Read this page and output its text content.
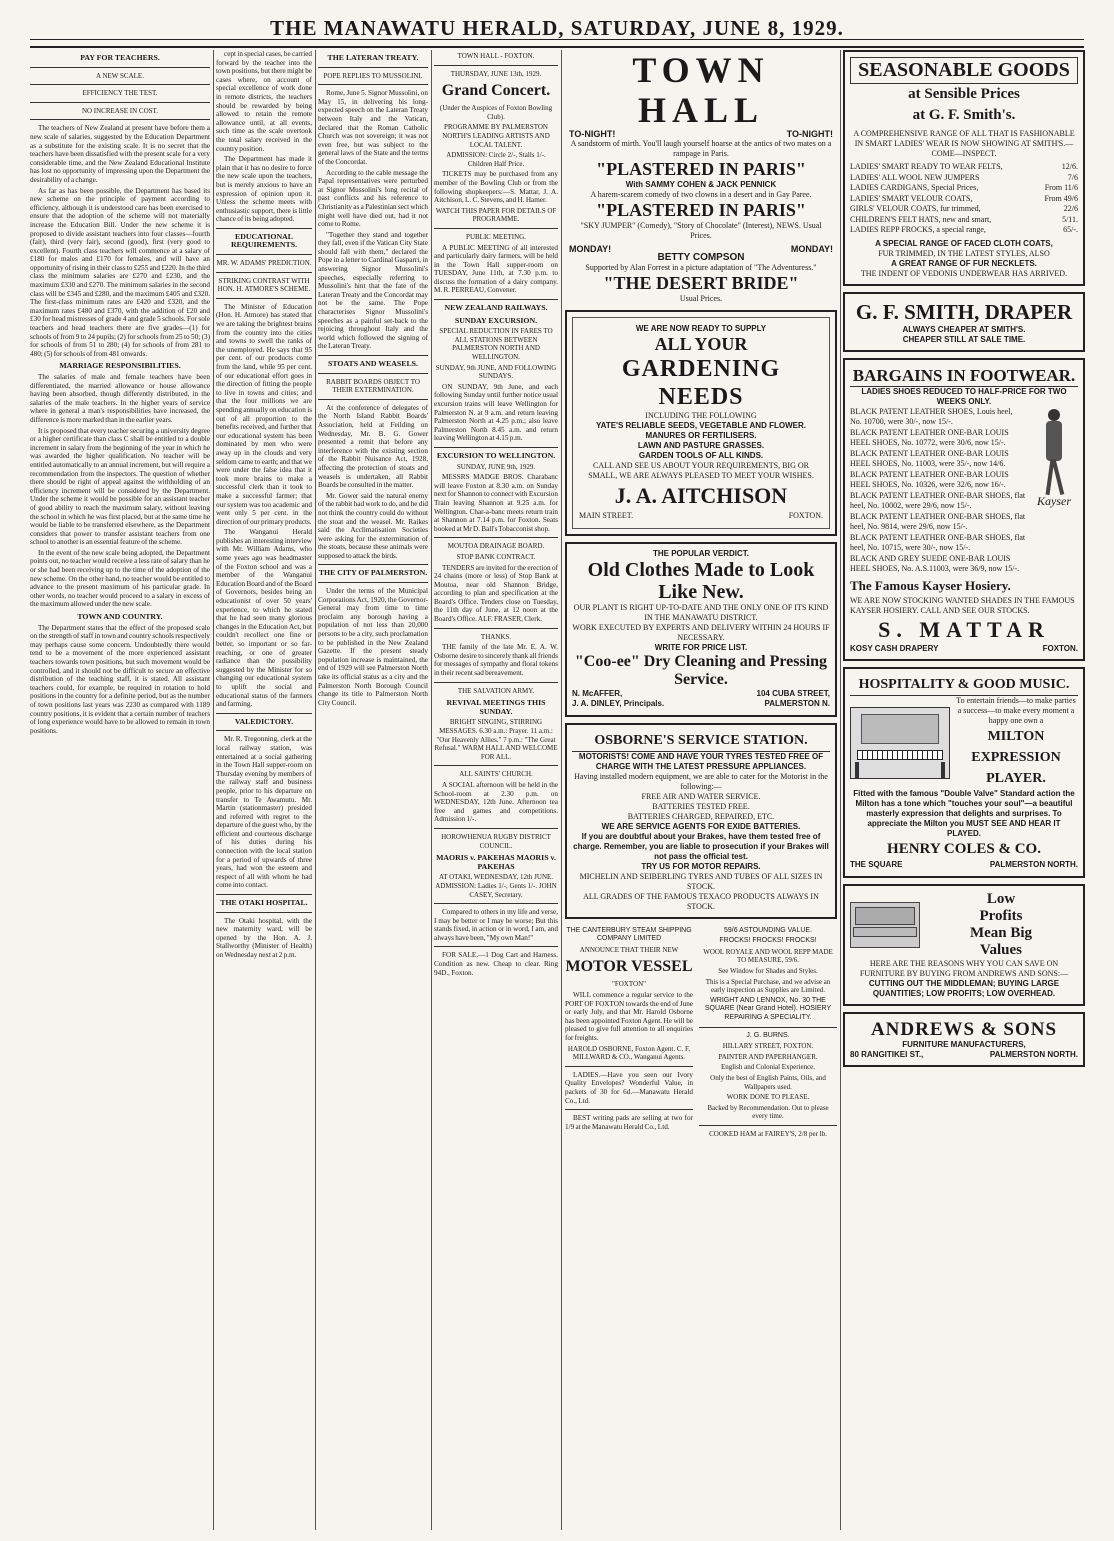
THE MANAWATU HERALD, SATURDAY, JUNE 8, 1929.
PAY FOR TEACHERS.
A NEW SCALE.
EFFICIENCY THE TEST.
NO INCREASE IN COST.

The teachers of New Zealand at present have before them a new scale of salaries, suggested by the Education Department as a substitute for the existing scale. It is no secret that the teachers have been dissatisfied with the present scale for a very considerable time, and the New Zealand Educational Institute has lost no opportunity of impressing upon the Department the desirability of a change.

As far as has been possible, the Department has based its new scheme on the principle of payment according to efficiency, although it is understood care has been exercised to ensure that the adoption of the scheme will not materially increase the Education Bill. Under the new scheme it is proposed to divide assistant teachers into four classes—fourth (fair), third (very fair), second (good), first (very good to excellent). Fourth class teachers will commence at a salary of £180 for males and £170 for females, and will have an opportunity of rising in their class to £255 and £220. In the third class the minimum salaries are £270 and £230, and the maximum £330 and £270. The minimum salaries in the second class will be £345 and £280, and the maximum £405 and £320. The first-class minimum rates are £420 and £320, and the maximum rates £480 and £370, with the addition of £20 and £30 for head mistresses of grade 4 and grade 5 schools. For sole teachers and head teachers there are five grades—(1) for schools of from 9 to 24 pupils; (2) for schools from 25 to 50; (3) for schools of from 51 to 280; (4) for schools of from 281 to 480; (5) for schools of from 481 onwards.

MARRIAGE RESPONSIBILITIES.

The salaries of male and female teachers have been differentiated, the married allowance or house allowance having been absorbed, though differently distributed, in the salaries of the male teachers. In the higher years of service where in general a man's responsibilities have increased, the difference is more marked than in the earlier years.

It is proposed that every teacher securing a university degree or a higher certificate than class C shall be entitled to a double increment in salary from the beginning of the year in which he was awarded the higher qualification. No teacher will be entitled automatically to an annual increment, but will require a recommendation from the inspectors. The question of whether there should be right of appeal against the withholding of an efficiency increment will be considered by the Department. Under the scheme it would be possible for an assistant teacher of good ability to reach the maximum salary, without leaving the school in which he was first placed, but at the same time he would be liable to be transferred elsewhere, as the Department considers that power to transfer assistant teachers from one school to another is an essential feature of the scheme.

In the event of the new scale being adopted, the Department points out, no teacher would receive a less rate of salary than he or she had been receiving up to the time of the adoption of the new scheme. On the other hand, no teacher would be entitled to advance to the present maximum of his particular grade. In other words, no teacher would proceed to a salary in excess of the maximum allowed under the new scale.

TOWN AND COUNTRY.

The Department states that the effect of the proposed scale on the strength of staff in town and country schools respectively may perhaps cause some concern. Undoubtedly there would tend to be a movement of the more experienced assistant teachers towards town positions, but such movement would be controlled, and it should not be difficult to secure an effective distribution of the teaching staff, it is stated. All assistant teachers could, for example, be required in rotation to hold positions in the country for a definite period, but as the number of town positions last years was 2230 as compared with 1189 country positions, it is evident that a certain number of teachers of long experience would have to be allowed to remain in town positions.

cept in special cases, be carried forward by the teacher into the town positions, but there might be cases where, on account of special excellence of work done in remote districts, the teachers should be rewarded by being allowed to retain the remote allowance until, at all events, such time as the scale overtook the total salary received in the country position.

The Department has made it plain that it has no desire to force the new scale upon the teachers, but is merely anxious to have an expression of opinion upon it. Unless the scheme meets with enthusiastic support, there is little chance of its being adopted.

EDUCATIONAL REQUIREMENTS.
MR. W. ADAMS' PREDICTION.
STRIKING CONTRAST WITH HON. H. ATMORE'S SCHEME.

The Minister of Education (Hon. H. Atmore) has stated that we are taking the brightest brains from the country into the cities and towns to swell the ranks of the unemployed. He says that 95 per cent. of our products come from the land, while 95 per cent. of our educational effort goes in the direction of fitting the people to live in towns and cities; and that the four millions we are spending annually on education is out of all proportion to the benefits received, and further that our educational system has been dominated by men who were away up in the clouds and very seldom came to earth; and that we were under the false idea that it took more brains to make a successful clerk than it took to make a successful farmer; that our system was too academic and went only 5 per cent. in the direction of our primary products.

The Wanganui Herald publishes an interesting interview with Mr. William Adams, who some years ago was headmaster of the Foxton school and was a member of the Wanganui Education Board and of the Board of Governors, besides being an educationist of over 50 years' experience, to which he stated that he had seen many glorious changes in the Education Act, but couldn't recollect one fine or better, so important or so far-reaching, or one of greater radiance than the possibility suggested by the Minister for so changing our educational system to uplift the social and educational status of the farmers and farming.

VALEDICTORY.

Mr. R. Tregonning, clerk at the local railway station, was entertained at a social gathering in the Town Hall supper-room on Thursday evening by members of the railway staff and business people, prior to his departure on transfer to Te Awamutu. Mr. Martin (stationmaster) presided and referred with regret to the departure of the guest who, by the efficient and courteous discharge of his duties during his connection with the local station for a period of upwards of three years, had won the esteem and respect of all with whom he had come into contact.

THE OTAKI HOSPITAL.

The Otaki hospital, with the new maternity ward, will be opened by the Hon. A. J. Stallworthy (Minister of Health) on Wednesday next at 2 p.m.

THE LATERAN TREATY.
POPE REPLIES TO MUSSOLINI.

Rome, June 5. Signor Mussolini, on May 15, in delivering his long-expected speech on the Lateran Treaty between Italy and the Vatican, declared that the Roman Catholic Church was not sovereign; it was not even free, but was subject to the general laws of the State and the terms of the Concordat.

According to the cable message the Papal representatives were perturbed at Signor Mussolini's long recital of past conflicts and his reference to Christianity as a Palestinian sect which might well have died out, had it not come to Rome.

"Together they stand and together they fall, even if the Vatican City State should fall with them," declared the Pope in a letter to Cardinal Gasparri, in answering Signor Mussolini's speeches, especially referring to Mussolini's hint that the fate of the Lateran Treaty and the Concordat may not be the same. The Pope characterises Signor Mussolini's speeches as a painful set-back to the rejoicing throughout Italy and the world which followed the signing of the Lateran Treaty.

STOATS AND WEASELS.
RABBIT BOARDS OBJECT TO THEIR EXTERMINATION.

At the conference of delegates of the North Island Rabbit Boards' Association, held at Feilding on Wednesday, Mr. B. G. Gower presented a remit that before any interference with the existing section of the Rabbit Nuisance Act, 1928, affecting the protection of stoats and weasels is undertaken, all Rabbit Boards be consulted in the matter.

Mr. Gower said the natural enemy of the rabbit had work to do, and he did not think the country could do without the stoat and the weasel. Mr. Raikes said the Acclimatisation Societies were asking for the extermination of the stoats, because these animals were supposed to attack the birds.

THE CITY OF PALMERSTON.

Under the terms of the Municipal Corporations Act, 1920, the Governor-General may from time to time proclaim any borough having a population of not less than 20,000 persons to be a city, such proclamation to be published in the New Zealand Gazette. If the present steady population increase is maintained, the end of 1929 will see Palmerston North take its official status as a city and the Palmerston North Borough Council change its title to Palmerston North City Council.

TOWN HALL - FOXTON.
THURSDAY, JUNE 13th, 1929.
Grand Concert.
(Under the Auspices of Foxton Bowling Club).
PROGRAMME BY PALMERSTON NORTH'S LEADING ARTISTS AND LOCAL TALENT.
ADMISSION: Circle 2/-, Stalls 1/-. Children Half Price.

TICKETS may be purchased from any member of the Bowling Club or from the following shopkeepers:—S. Mattar, J. A. Aitchison, L. C. Stevens, and H. Hamer.

WATCH THIS PAPER FOR DETAILS OF PROGRAMME.
PUBLIC MEETING.

A PUBLIC MEETING of all interested and particularly dairy farmers, will be held in the Town Hall supper-room on TUESDAY, June 11th, at 7.30 p.m. to discuss the formation of a dairy company. M. R. PERREAU, Convener.

NEW ZEALAND RAILWAYS.
SUNDAY EXCURSION.
SPECIAL REDUCTION IN FARES TO ALL STATIONS BETWEEN PALMERSTON NORTH AND WELLINGTON.
SUNDAY, 9th JUNE, AND FOLLOWING SUNDAYS.

ON SUNDAY, 9th June, and each following Sunday until further notice usual excursion trains will leave Wellington for Palmerston N. at 9 a.m. and return leaving Palmerston North at 4.25 p.m.; also leave Palmerston North 8.45 a.m. and return leaving Wellington at 4.15 p.m.

EXCURSION TO WELLINGTON.
SUNDAY, JUNE 9th, 1929.

MESSRS MADGE BROS. Charabanc will leave Foxton at 8.30 a.m. on Sunday next for Shannon to connect with Excursion Train leaving Shannon at 9.25 a.m. for Wellington. Char-a-banc meets return train at Shannon at 7.14 p.m. for Foxton. Seats booked at Mr D. Ball's Tobacconist shop.

MOUTOA DRAINAGE BOARD.
STOP BANK CONTRACT.

TENDERS are invited for the erection of 24 chains (more or less) of Stop Bank at Moutoa, near old Shannon Bridge, according to plan and specification at the Board's Office. Tenders close on Tuesday, the 11th day of June, at 12 noon at the Board's Office. ALF. FRASER, Clerk.

THANKS.

THE family of the late Mr. E. A. W. Osborne desire to sincerely thank all friends for messages of sympathy and floral tokens in their recent sad bereavement.

THE SALVATION ARMY.
REVIVAL MEETINGS THIS SUNDAY.
BRIGHT SINGING, STIRRING MESSAGES. 6.30 a.m.: Prayer. 11 a.m.: "Our Heavenly Allies." 7 p.m.: "The Great Refusal." WARM HALL AND WELCOME FOR ALL.
ALL SAINTS' CHURCH.

A SOCIAL afternoon will be held in the School-room at 2.30 p.m. on WEDNESDAY, 12th June. Afternoon tea free and games and competitions. Admission 1/-.

HOROWHENUA RUGBY DISTRICT COUNCIL.
MAORIS v. PAKEHAS MAORIS v. PAKEHAS
AT OTAKI, WEDNESDAY, 12th JUNE. ADMISSION: Ladies 1/-, Gents 1/-. JOHN CASEY, Secretary.

Compared to others in my life and verse, I may be better or I may be worse; But this stands fixed, in action or in word, I am, and always have been, "My own Man!"

FOR SALE.—1 Dog Cart and Harness. Condition as new. Cheap to clear. Ring 94D., Foxton.

TOWN HALL
TO-NIGHT!	TO-NIGHT!
A sandstorm of mirth. You'll laugh yourself hoarse at the antics of two mates on a rampage in Paris.
"PLASTERED IN PARIS"
With SAMMY COHEN & JACK PENNICK
A harem-scarem comedy of two clowns in a desert and in Gay Paree.
"PLASTERED IN PARIS"
"SKY JUMPER" (Comedy), "Story of Chocolate" (Interest), NEWS. Usual Prices.
MONDAY!	MONDAY!
BETTY COMPSON
Supported by Alan Forrest in a picture adaptation of "The Adventuress."
"THE DESERT BRIDE"
Usual Prices.
WE ARE NOW READY TO SUPPLY
ALL YOUR
GARDENING NEEDS
INCLUDING THE FOLLOWING
YATE'S RELIABLE SEEDS, VEGETABLE AND FLOWER.
MANURES OR FERTILISERS.
LAWN AND PASTURE GRASSES.
GARDEN TOOLS OF ALL KINDS.
CALL AND SEE US ABOUT YOUR REQUIREMENTS, BIG OR SMALL, WE ARE ALWAYS PLEASED TO MEET YOUR WISHES.
J. A. AITCHISON
MAIN STREET.	FOXTON.
THE POPULAR VERDICT.
Old Clothes Made to Look Like New.
OUR PLANT IS RIGHT UP-TO-DATE AND THE ONLY ONE OF ITS KIND IN THE MANAWATU DISTRICT.
WORK EXECUTED BY EXPERTS AND DELIVERY WITHIN 24 HOURS IF NECESSARY.
WRITE FOR PRICE LIST.
"Coo-ee" Dry Cleaning and Pressing Service.
N. McAFFER,	104 CUBA STREET,
J. A. DINLEY, Principals.	PALMERSTON N.
OSBORNE'S SERVICE STATION.
MOTORISTS! COME AND HAVE YOUR TYRES TESTED FREE OF CHARGE WITH THE LATEST PRESSURE APPLIANCES.
Having installed modern equipment, we are able to cater for the Motorist in the following:—
FREE AIR AND WATER SERVICE.
BATTERIES TESTED FREE.
BATTERIES CHARGED, REPAIRED, ETC.
WE ARE SERVICE AGENTS FOR EXIDE BATTERIES.
If you are doubtful about your Brakes, have them tested free of charge. Remember, you are liable to prosecution if your Brakes will not pass the official test.
TRY US FOR MOTOR REPAIRS.
MICHELIN AND SEIBERLING TYRES AND TUBES OF ALL SIZES IN STOCK.
ALL GRADES OF THE FAMOUS TEXACO PRODUCTS ALWAYS IN STOCK.
THE CANTERBURY STEAM SHIPPING COMPANY LIMITED
ANNOUNCE THAT THEIR NEW
MOTOR VESSEL
"FOXTON"

WILL commence a regular service to the PORT OF FOXTON towards the end of June or early July, and that Mr. Harold Osborne has been appointed Foxton Agent. He will be pleased to give full attention to all enquiries for freights.

HAROLD OSBORNE, Foxton Agent. C. F. MILLWARD & CO., Wanganui Agents.

LADIES.—Have you seen our Ivory Quality Envelopes? Wonderful Value, in packets of 30 for 6d.—Manawatu Herald Co., Ltd.

BEST writing pads are selling at two for 1/9 at the Manawatu Herald Co., Ltd.

59/6 ASTOUNDING VALUE.
FROCKS! FROCKS! FROCKS!
WOOL ROYALE AND WOOL REPP MADE TO MEASURE, 59/6.
See Window for Shades and Styles.
This is a Special Purchase, and we advise an early inspection as Supplies are Limited.
WRIGHT AND LENNOX, No. 30 THE SQUARE (Near Grand Hotel). HOSIERY REPAIRING A SPECIALITY.
J. G. BURNS.
HILLARY STREET, FOXTON.
PAINTER AND PAPERHANGER.
English and Colonial Experience.
Only the best of English Paints, Oils, and Wallpapers used.
WORK DONE TO PLEASE.
Backed by Recommendation. Out to please every time.
COOKED HAM at FAIREY'S, 2/8 per lb.
SEASONABLE GOODS
at Sensible Prices
at G. F. Smith's.
A COMPREHENSIVE RANGE OF ALL THAT IS FASHIONABLE IN SMART LADIES' WEAR IS NOW SHOWING AT SMITH'S.—COME—INSPECT.
LADIES' SMART READY TO WEAR FELTS,	12/6.
LADIES' ALL WOOL NEW JUMPERS	7/6
LADIES CARDIGANS, Special Prices,	From 11/6
LADIES' SMART VELOUR COATS,	From 49/6
GIRLS' VELOUR COATS, fur trimmed,	22/6
CHILDREN'S FELT HATS, new and smart,	5/11.
LADIES REPP FROCKS, a special range,	65/-.
A SPECIAL RANGE OF FACED CLOTH COATS,
FUR TRIMMED, IN THE LATEST STYLES, ALSO
A GREAT RANGE OF FUR NECKLETS.
THE INDENT OF VEDONIS UNDERWEAR HAS ARRIVED.
G. F. SMITH, DRAPER
ALWAYS CHEAPER AT SMITH'S.
CHEAPER STILL AT SALE TIME.
BARGAINS IN FOOTWEAR.
LADIES SHOES REDUCED TO HALF-PRICE FOR TWO WEEKS ONLY.
BLACK PATENT LEATHER SHOES, Louis heel, No. 10700, were 30/-, now 15/-.
BLACK PATENT LEATHER ONE-BAR LOUIS HEEL SHOES, No. 10772, were 30/6, now 15/-.
BLACK PATENT LEATHER ONE-BAR LOUIS HEEL SHOES, No. 11003, were 35/-, now 14/6.
BLACK PATENT LEATHER ONE-BAR LOUIS HEEL SHOES, No. 10326, were 32/6, now 16/-.
BLACK PATENT LEATHER ONE-BAR SHOES, flat heel, No. 10002, were 29/6, now 15/-.
BLACK PATENT LEATHER ONE-BAR SHOES, flat heel, No. 9814, were 29/6, now 15/-.
BLACK PATENT LEATHER ONE-BAR SHOES, flat heel, No. 10715, were 30/-, now 15/-.
BLACK AND GREY SUEDE ONE-BAR LOUIS HEEL SHOES, No. A.S.11003, were 36/9, now 15/-.
Kayser
The Famous Kayser Hosiery.
WE ARE NOW STOCKING WANTED SHADES IN THE FAMOUS KAYSER HOSIERY. CALL AND SEE OUR STOCKS.
S. MATTAR
KOSY CASH DRAPERY	FOXTON.
HOSPITALITY & GOOD MUSIC.
To entertain friends—to make parties a success—to make every moment a happy one own a
MILTON EXPRESSION PLAYER.
Fitted with the famous "Double Valve" Standard action the Milton has a tone which "touches your soul"—a beautiful masterly expression that delights and surprises. To appreciate the Milton you MUST SEE AND HEAR IT PLAYED.
HENRY COLES & CO.
THE SQUARE	PALMERSTON NORTH.
Low
Profits
Mean Big
Values
HERE ARE THE REASONS WHY YOU CAN SAVE ON FURNITURE BY BUYING FROM ANDREWS AND SONS:—
CUTTING OUT THE MIDDLEMAN; BUYING LARGE QUANTITIES; LOW PROFITS; LOW OVERHEAD.
ANDREWS & SONS
FURNITURE MANUFACTURERS,
80 RANGITIKEI ST.,	PALMERSTON NORTH.
